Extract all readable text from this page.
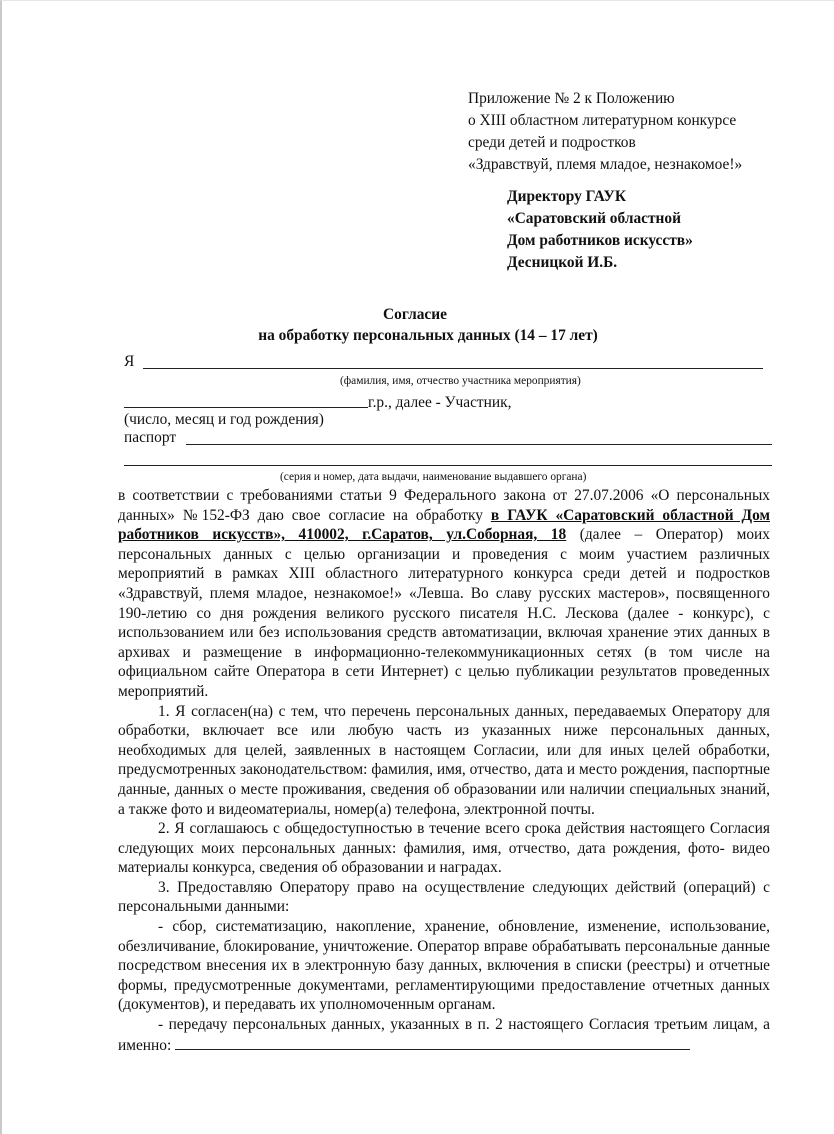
Приложение № 2 к Положению
о XIII областном литературном конкурсе
среди детей и подростков
«Здравствуй, племя младое, незнакомое!»
Директору ГАУК
«Саратовский областной
Дом работников искусств»
Десницкой И.Б.
Согласие
на обработку персональных данных (14 – 17 лет)
Я
(фамилия, имя, отчество участника мероприятия)
г.р., далее - Участник,
(число, месяц и год рождения)
паспорт
(серия и номер, дата выдачи, наименование выдавшего органа)

в соответствии с требованиями статьи 9 Федерального закона от 27.07.2006 «О персональных данных» №152-ФЗ даю свое согласие на обработку в ГАУК «Саратовский областной Дом работников искусств», 410002, г.Саратов, ул.Соборная, 18 (далее – Оператор) моих персональных данных с целью организации и проведения с моим участием различных мероприятий в рамках XIII областного литературного конкурса среди детей и подростков «Здравствуй, племя младое, незнакомое!» «Левша. Во славу русских мастеров», посвященного 190-летию со дня рождения великого русского писателя Н.С. Лескова (далее - конкурс), с использованием или без использования средств автоматизации, включая хранение этих данных в архивах и размещение в информационно-телекоммуникационных сетях (в том числе на официальном сайте Оператора в сети Интернет) с целью публикации результатов проведенных мероприятий.

1. Я согласен(на) с тем, что перечень персональных данных, передаваемых Оператору для обработки, включает все или любую часть из указанных ниже персональных данных, необходимых для целей, заявленных в настоящем Согласии, или для иных целей обработки, предусмотренных законодательством: фамилия, имя, отчество, дата и место рождения, паспортные данные, данных о месте проживания, сведения об образовании или наличии специальных знаний, а также фото и видеоматериалы, номер(а) телефона, электронной почты.

2. Я соглашаюсь с общедоступностью в течение всего срока действия настоящего Согласия следующих моих персональных данных: фамилия, имя, отчество, дата рождения, фото- видео материалы конкурса, сведения об образовании и наградах.

3. Предоставляю Оператору право на осуществление следующих действий (операций) с персональными данными:

- сбор, систематизацию, накопление, хранение, обновление, изменение, использование, обезличивание, блокирование, уничтожение. Оператор вправе обрабатывать персональные данные посредством внесения их в электронную базу данных, включения в списки (реестры) и отчетные формы, предусмотренные документами, регламентирующими предоставление отчетных данных (документов), и передавать их уполномоченным органам.

- передачу персональных данных, указанных в п. 2 настоящего Согласия третьим лицам, а именно:
